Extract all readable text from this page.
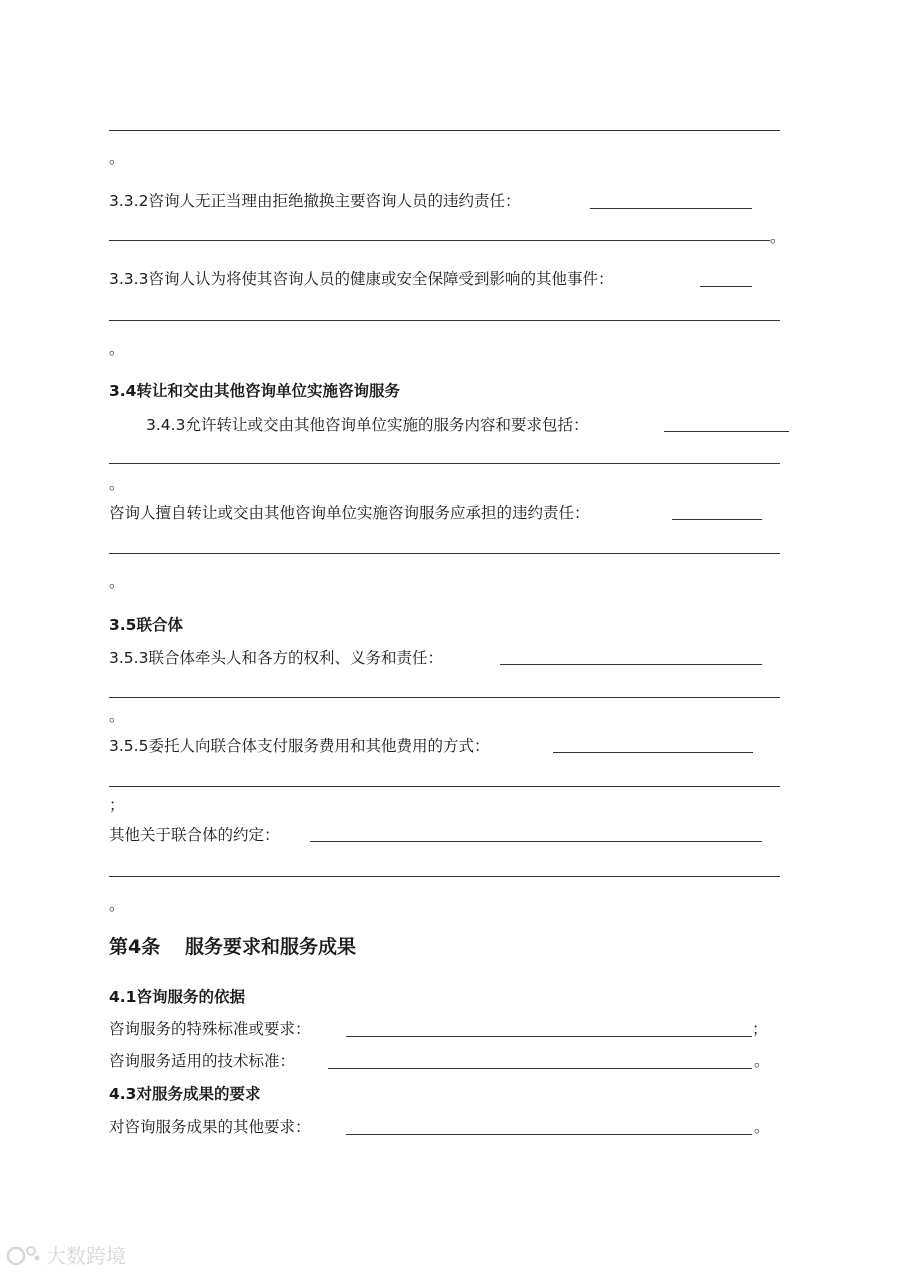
。
3.3.2咨询人无正当理由拒绝撤换主要咨询人员的违约责任：
。
3.3.3咨询人认为将使其咨询人员的健康或安全保障受到影响的其他事件：
。
3.4转让和交由其他咨询单位实施咨询服务
3.4.3允许转让或交由其他咨询单位实施的服务内容和要求包括：
。
咨询人擅自转让或交由其他咨询单位实施咨询服务应承担的违约责任：
。
3.5联合体
3.5.3联合体牵头人和各方的权利、义务和责任：
。
3.5.5委托人向联合体支付服务费用和其他费用的方式：
；
其他关于联合体的约定：
。
第4条 服务要求和服务成果
4.1咨询服务的依据
咨询服务的特殊标准或要求：	；
咨询服务适用的技术标准：	。
4.3对服务成果的要求
对咨询服务成果的其他要求：	。
大数跨境
